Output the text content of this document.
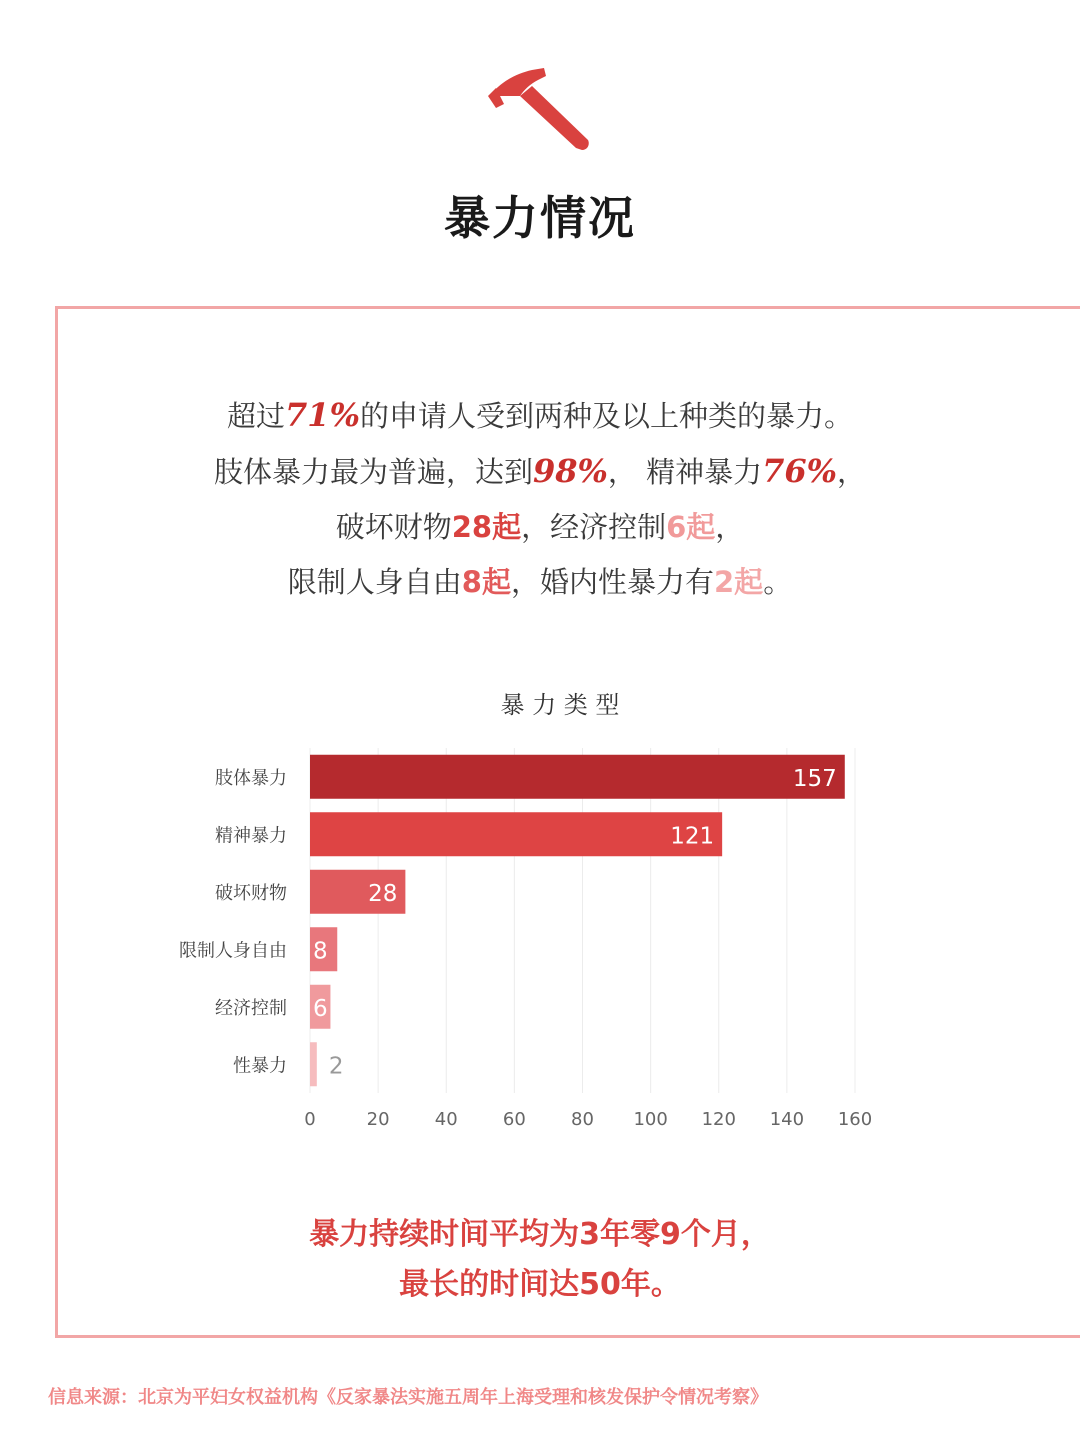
暴力情况
超过71%的申请人受到两种及以上种类的暴力。
肢体暴力最为普遍，达到98%， 精神暴力76%，
破坏财物28起，经济控制6起，
限制人身自由8起，婚内性暴力有2起。
暴 力 类 型
0	20	40	60	80 100 120 140 160
肢体暴力	157
精神暴力	121
破坏财物	28
限制人身自由 8
经济控制 6
性暴力 2
暴力持续时间平均为3年零9个月，
最长的时间达50年。
信息来源：北京为平妇女权益机构《反家暴法实施五周年上海受理和核发保护令情况考察》
